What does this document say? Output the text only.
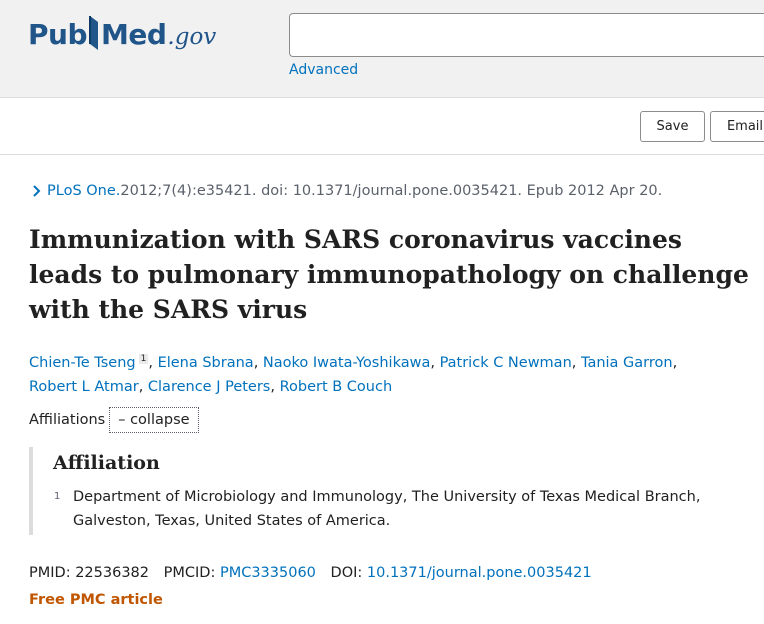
Pub Med .gov
Advanced
Save	Email
PLoS One. 2012;7(4):e35421. doi: 10.1371/journal.pone.0035421. Epub 2012 Apr 20.
Immunization with SARS coronavirus vaccines leads to pulmonary immunopathology on challenge with the SARS virus
Chien-Te Tseng $^1$ , Elena Sbrana, Naoko Iwata-Yoshikawa, Patrick C Newman, Tania Garron,
Robert L Atmar, Clarence J Peters, Robert B Couch
Affiliations – collapse
Affiliation
1 Department of Microbiology and Immunology, The University of Texas Medical Branch, Galveston, Texas, United States of America.
PMID: 22536382 PMCID: PMC3335060 DOI: 10.1371/journal.pone.0035421
Free PMC article
